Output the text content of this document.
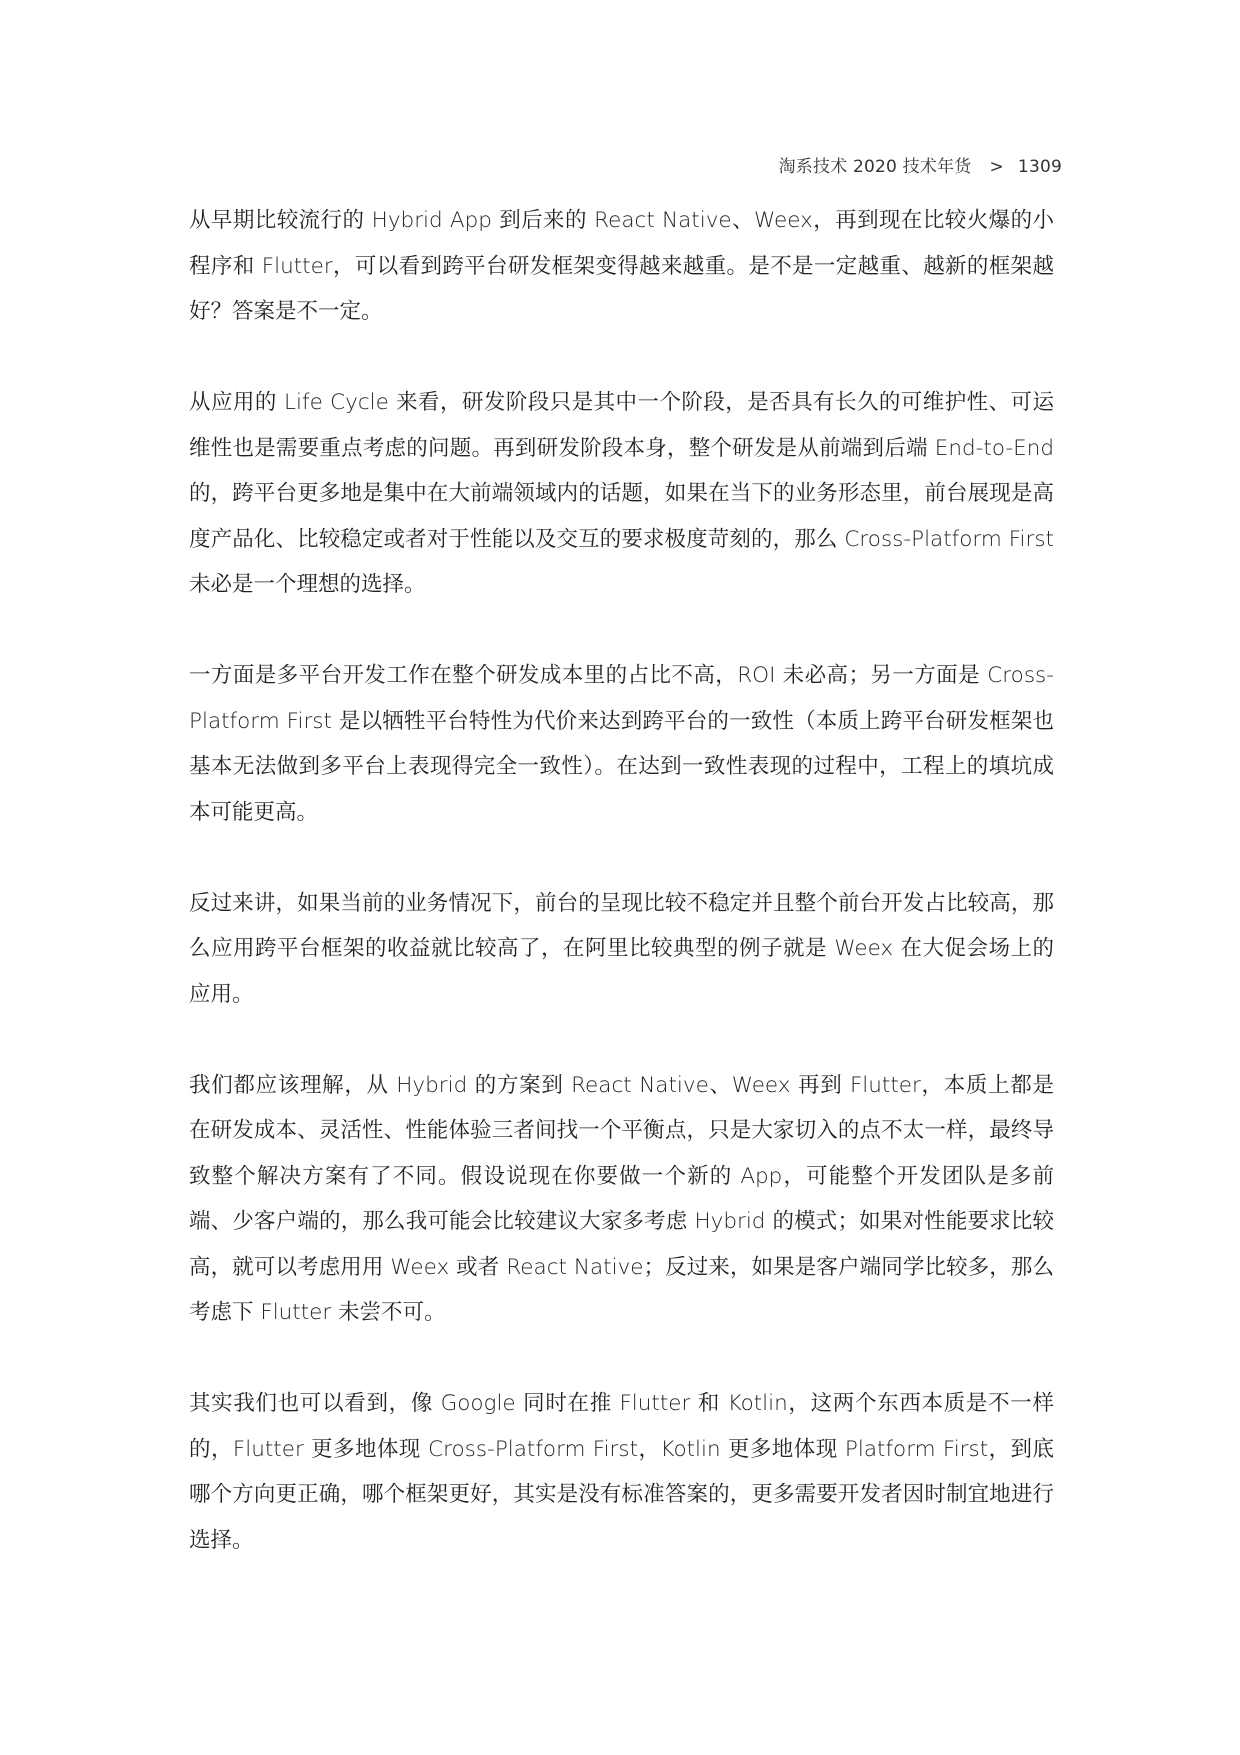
淘系技术 2020 技术年货 > 1309

从早期比较流行的 Hybrid App 到后来的 React Native、Weex，再到现在比较火爆的小程序和 Flutter，可以看到跨平台研发框架变得越来越重。是不是一定越重、越新的框架越好？答案是不一定。

从应用的 Life Cycle 来看，研发阶段只是其中一个阶段，是否具有长久的可维护性、可运维性也是需要重点考虑的问题。再到研发阶段本身，整个研发是从前端到后端 End-to-End 的，跨平台更多地是集中在大前端领域内的话题，如果在当下的业务形态里，前台展现是高度产品化、比较稳定或者对于性能以及交互的要求极度苛刻的，那么 Cross-Platform First 未必是一个理想的选择。

一方面是多平台开发工作在整个研发成本里的占比不高，ROI 未必高；另一方面是 Cross-Platform First 是以牺牲平台特性为代价来达到跨平台的一致性（本质上跨平台研发框架也基本无法做到多平台上表现得完全一致性）。在达到一致性表现的过程中，工程上的填坑成本可能更高。

反过来讲，如果当前的业务情况下，前台的呈现比较不稳定并且整个前台开发占比较高，那么应用跨平台框架的收益就比较高了，在阿里比较典型的例子就是 Weex 在大促会场上的应用。

我们都应该理解，从 Hybrid 的方案到 React Native、Weex 再到 Flutter，本质上都是在研发成本、灵活性、性能体验三者间找一个平衡点，只是大家切入的点不太一样，最终导致整个解决方案有了不同。假设说现在你要做一个新的 App，可能整个开发团队是多前端、少客户端的，那么我可能会比较建议大家多考虑 Hybrid 的模式；如果对性能要求比较高，就可以考虑用用 Weex 或者 React Native；反过来，如果是客户端同学比较多，那么考虑下 Flutter 未尝不可。

其实我们也可以看到，像 Google 同时在推 Flutter 和 Kotlin，这两个东西本质是不一样的，Flutter 更多地体现 Cross-Platform First，Kotlin 更多地体现 Platform First，到底哪个方向更正确，哪个框架更好，其实是没有标准答案的，更多需要开发者因时制宜地进行选择。
